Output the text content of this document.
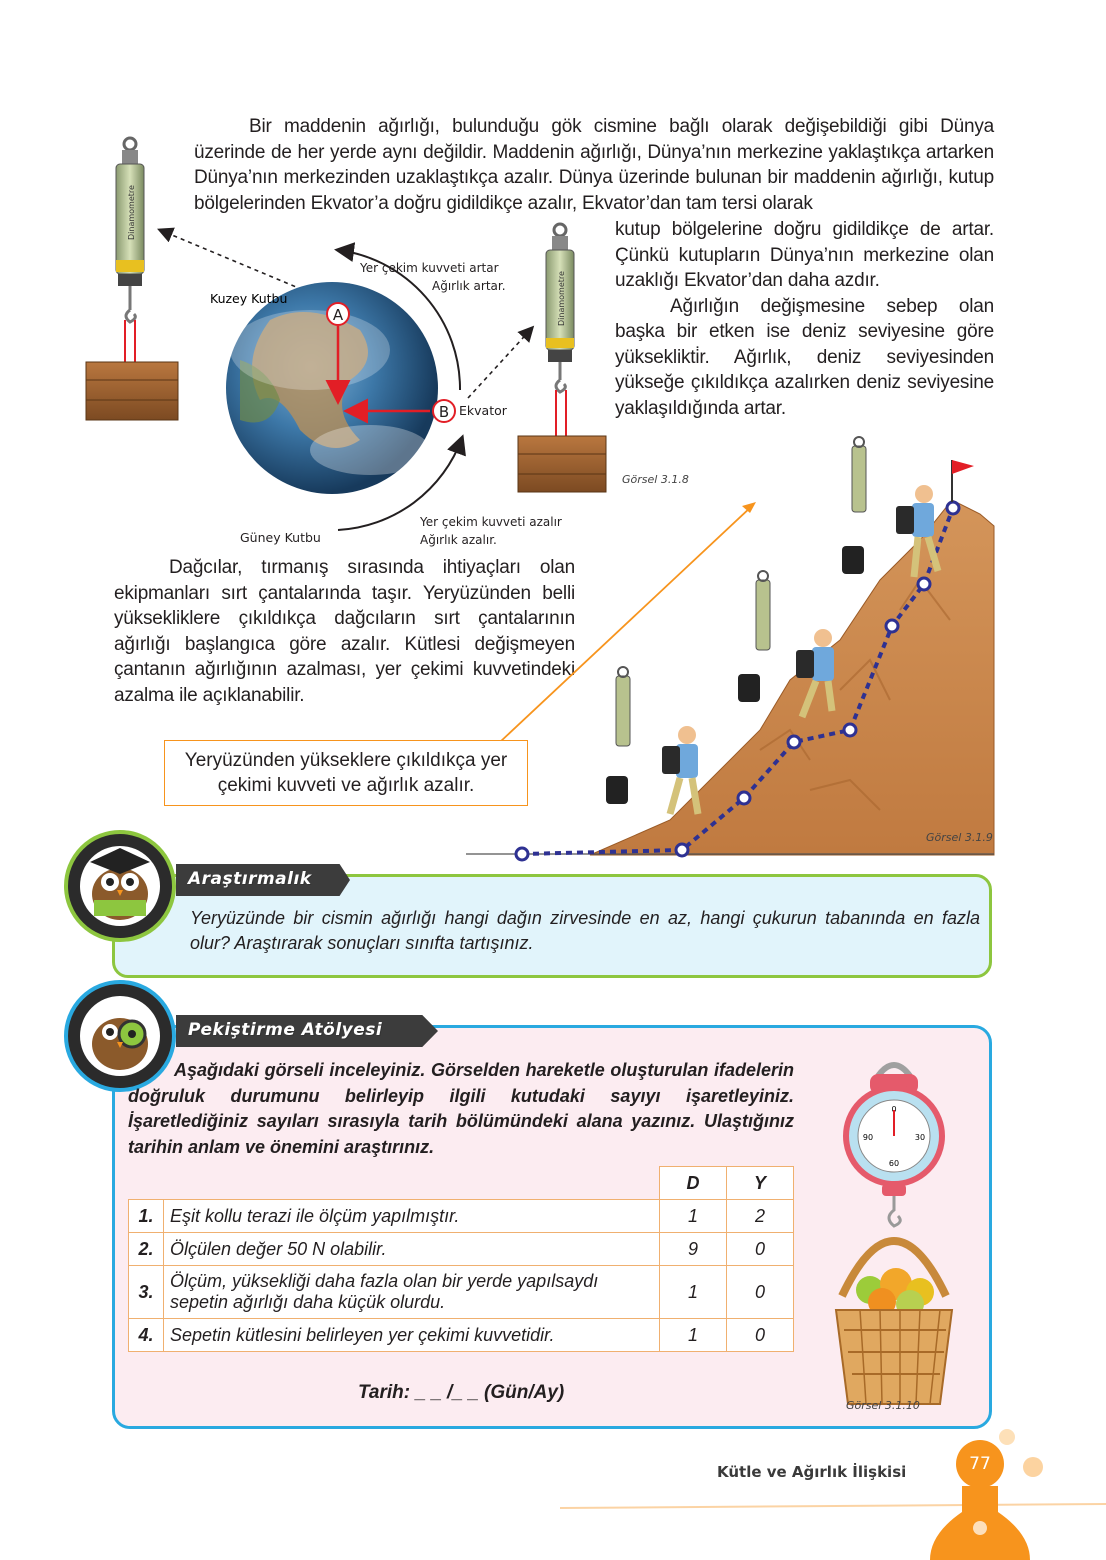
Bir maddenin ağırlığı, bulunduğu gök cismine bağlı olarak değişebildiği gibi Dünya üzerinde de her yerde aynı değildir. Maddenin ağırlığı, Dünya’nın merkezine yaklaştıkça artarken Dünya’nın merkezinden uzaklaştıkça azalır. Dünya üzerinde bulunan bir maddenin ağırlığı, kutup bölgelerinden Ekvator’a doğru gidildikçe azalır, Ekvator’dan tam tersi olarak

kutup bölgelerine doğru gidildikçe de artar. Çünkü kutupların Dünya’nın merkezine olan uzaklığı Ekvator’dan daha azdır.

Ağırlığın değişmesine sebep olan başka bir etken ise deniz seviyesine göre yükseklikti̇r. Ağırlık, deniz seviyesinden yükseğe çıkıldıkça azalırken deniz seviyesine yaklaşıldığında artar.

Dinamometre
A
B
Kuzey Kutbu
Güney Kutbu
Ekvator
Yer çekim kuvveti artar
Ağırlık artar.
Yer çekim kuvveti azalır
Ağırlık azalır.
Dinamometre
Görsel 3.1.8

Dağcılar, tırmanış sırasında ihtiyaçları olan ekipmanları sırt çantalarında taşır. Yeryüzünden belli yüksekliklere çıkıldıkça dağcıların sırt çantalarının ağırlığı başlangıca göre azalır. Kütlesi değişmeyen çantanın ağırlığının azalması, yer çekimi kuvvetindeki azalma ile açıklanabilir.

Görsel 3.1.9
Yeryüzünden yükseklere çıkıldıkça yer çekimi kuvveti ve ağırlık azalır.
Araştırmalık
Yeryüzünde bir cismin ağırlığı hangi dağın zirvesinde en az, hangi çukurun tabanında en fazla olur? Araştırarak sonuçları sınıfta tartışınız.
Pekiştirme Atölyesi
Aşağıdaki görseli inceleyiniz. Görselden hareketle oluşturulan ifadelerin doğruluk durumunu belirleyip ilgili kutudaki sayıyı işaretleyiniz. İşaretlediğiniz sayıları sırasıyla tarih bölümündeki alana yazınız. Ulaştığınız tarihin anlam ve önemini araştırınız.
		D	Y
1.	Eşit kollu terazi ile ölçüm yapılmıştır.	1	2
2.	Ölçülen değer 50 N olabilir.	9	0
3.	Ölçüm, yüksekliği daha fazla olan bir yerde yapılsaydı sepetin ağırlığı daha küçük olurdu.	1	0
4.	Sepetin kütlesini belirleyen yer çekimi kuvvetidir.	1	0
Tarih: _ _ /_ _ (Gün/Ay)
0
90	30
60
Görsel 3.1.10
Kütle ve Ağırlık İlişkisi	77
